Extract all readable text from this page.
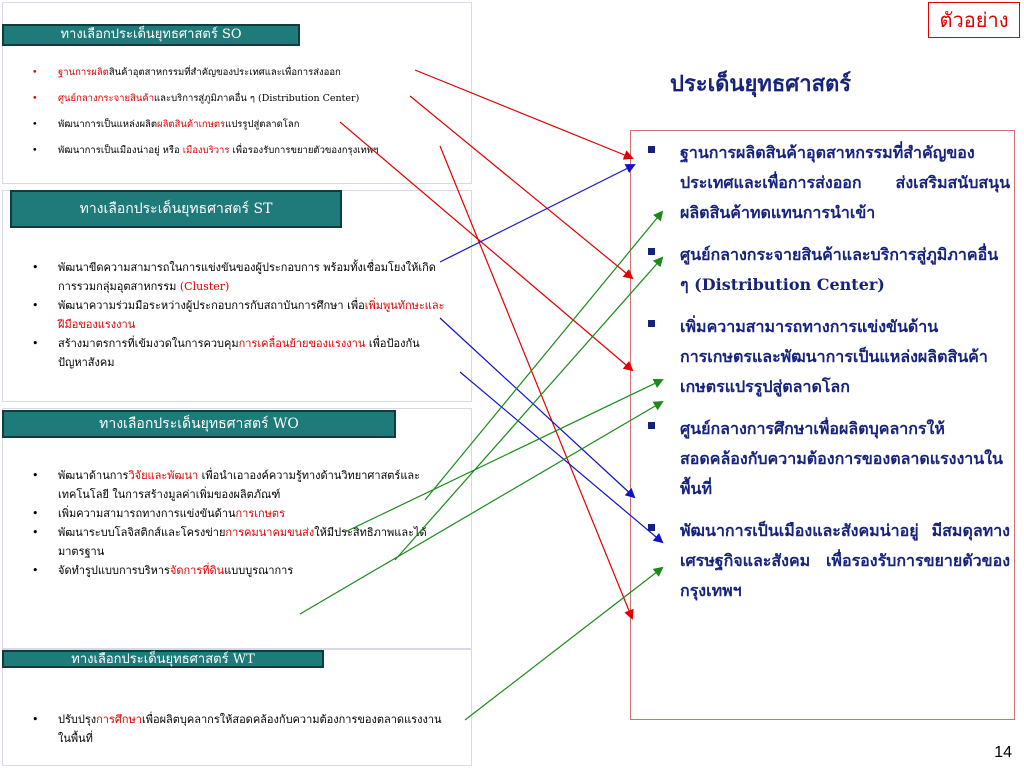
ทางเลือกประเด็นยุทธศาสตร์ SO
ทางเลือกประเด็นยุทธศาสตร์ ST
ทางเลือกประเด็นยุทธศาสตร์ WO
ทางเลือกประเด็นยุทธศาสตร์ WT
• ฐานการผลิตสินค้าอุตสาหกรรมที่สำคัญของประเทศและเพื่อการส่งออก
• ศูนย์กลางกระจายสินค้าและบริการสู่ภูมิภาคอื่น ๆ (Distribution Center)
• พัฒนาการเป็นแหล่งผลิตผลิตสินค้าเกษตรแปรรูปสู่ตลาดโลก
• พัฒนาการเป็นเมืองน่าอยู่ หรือ เมืองบริวาร เพื่อรองรับการขยายตัวของกรุงเทพฯ
• พัฒนาขีดความสามารถในการแข่งขันของผู้ประกอบการ พร้อมทั้งเชื่อมโยงให้เกิดการรวมกลุ่มอุตสาหกรรม (Cluster)
• พัฒนาความร่วมมือระหว่างผู้ประกอบการกับสถาบันการศึกษา เพื่อเพิ่มพูนทักษะและฝีมือของแรงงาน
• สร้างมาตรการที่เข้มงวดในการควบคุมการเคลื่อนย้ายของแรงงาน เพื่อป้องกันปัญหาสังคม
• พัฒนาด้านการวิจัยและพัฒนา เพื่อนำเอาองค์ความรู้ทางด้านวิทยาศาสตร์และเทคโนโลยี ในการสร้างมูลค่าเพิ่มของผลิตภัณฑ์
• เพิ่มความสามารถทางการแข่งขันด้านการเกษตร
• พัฒนาระบบโลจิสติกส์และโครงข่ายการคมนาคมขนส่งให้มีประสิทธิภาพและได้มาตรฐาน
• จัดทำรูปแบบการบริหารจัดการที่ดินแบบบูรณาการ
• ปรับปรุงการศึกษาเพื่อผลิตบุคลากรให้สอดคล้องกับความต้องการของตลาดแรงงานในพื้นที่
ตัวอย่าง
ประเด็นยุทธศาสตร์
ฐานการผลิตสินค้าอุตสาหกรรมที่สำคัญของประเทศและเพื่อการส่งออก ส่งเสริมสนับสนุนผลิตสินค้าทดแทนการนำเข้า
ศูนย์กลางกระจายสินค้าและบริการสู่ภูมิภาคอื่น ๆ (Distribution Center)
เพิ่มความสามารถทางการแข่งขันด้านการเกษตรและพัฒนาการเป็นแหล่งผลิตสินค้าเกษตรแปรรูปสู่ตลาดโลก
ศูนย์กลางการศึกษาเพื่อผลิตบุคลากรให้สอดคล้องกับความต้องการของตลาดแรงงานในพื้นที่
พัฒนาการเป็นเมืองและสังคมน่าอยู่ มีสมดุลทางเศรษฐกิจและสังคม เพื่อรองรับการขยายตัวของกรุงเทพฯ
14
